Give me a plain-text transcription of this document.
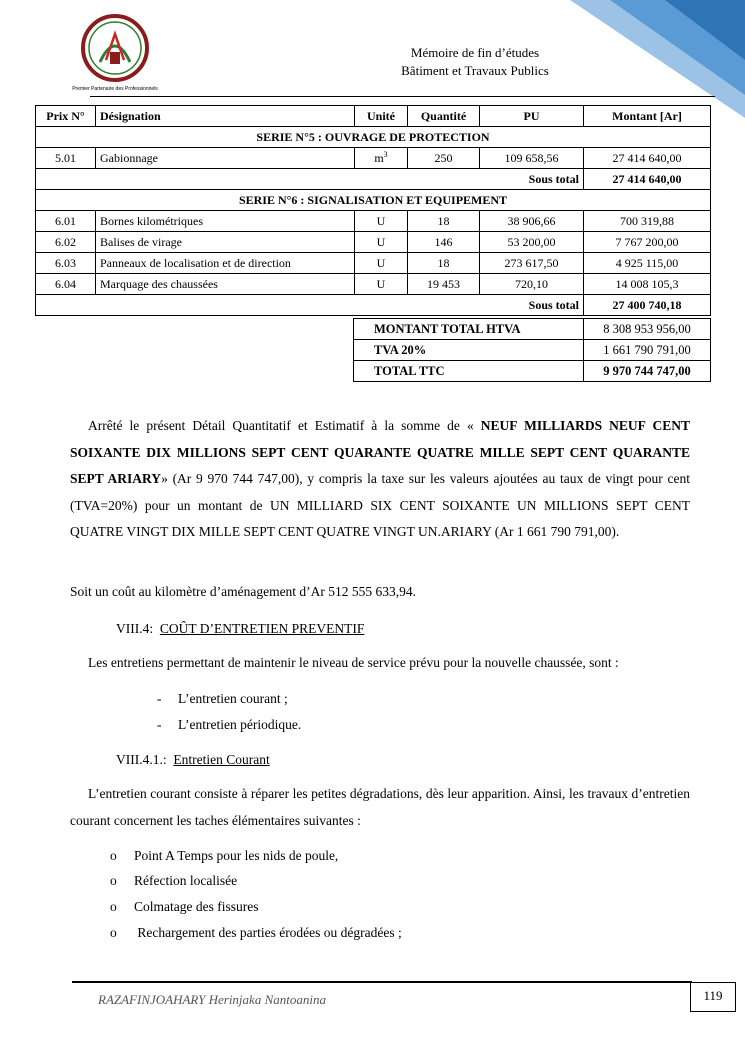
Premier Partenaire des Professionnels
Mémoire de fin d’études
Bâtiment et Travaux Publics
Prix N°	Désignation	Unité	Quantité	PU	Montant [Ar]
SERIE N°5 : OUVRAGE DE PROTECTION					
5.01	Gabionnage	$m^3$	250	109 658,56	27 414 640,00
Sous total					27 414 640,00
SERIE N°6 : SIGNALISATION ET EQUIPEMENT					
6.01	Bornes kilométriques	U	18	38 906,66	700 319,88
6.02	Balises de virage	U	146	53 200,00	7 767 200,00
6.03	Panneaux de localisation et de direction	U	18	273 617,50	4 925 115,00
6.04	Marquage des chaussées	U	19 453	720,10	14 008 105,3
Sous total					27 400 740,18
MONTANT TOTAL HTVA	8 308 953 956,00
TVA 20%	1 661 790 791,00
TOTAL TTC	9 970 744 747,00
Arrêté le présent Détail Quantitatif et Estimatif à la somme de « NEUF MILLIARDS NEUF CENT SOIXANTE DIX MILLIONS SEPT CENT QUARANTE QUATRE MILLE SEPT CENT QUARANTE SEPT ARIARY» (Ar 9 970 744 747,00), y compris la taxe sur les valeurs ajoutées au taux de vingt pour cent (TVA=20%) pour un montant de UN MILLIARD SIX CENT SOIXANTE UN MILLIONS SEPT CENT QUATRE VINGT DIX MILLE SEPT CENT QUATRE VINGT UN.ARIARY (Ar 1 661 790 791,00).
Soit un coût au kilomètre d’aménagement d’Ar 512 555 633,94.
VIII.4: COÛT D’ENTRETIEN PREVENTIF
Les entretiens permettant de maintenir le niveau de service prévu pour la nouvelle chaussée, sont :
- L’entretien courant ;
- L’entretien périodique.
VIII.4.1.: Entretien Courant
L’entretien courant consiste à réparer les petites dégradations, dès leur apparition. Ainsi, les travaux d’entretien courant concernent les taches élémentaires suivantes :
o Point A Temps pour les nids de poule,
o Réfection localisée
o Colmatage des fissures
o Rechargement des parties érodées ou dégradées ;
RAZAFINJOAHARY Herinjaka Nantoanina	119
